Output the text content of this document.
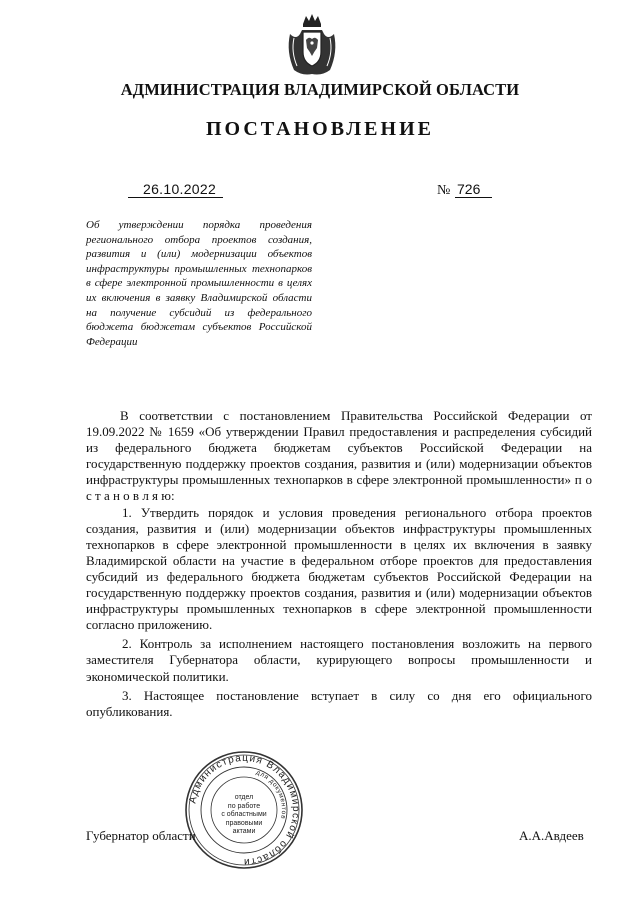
АДМИНИСТРАЦИЯ ВЛАДИМИРСКОЙ ОБЛАСТИ
ПОСТАНОВЛЕНИЕ
26.10.2022	№ 726
Об утверждении порядка проведения регионального отбора проектов создания, развития и (или) модернизации объектов инфраструктуры промышленных технопарков в сфере электронной промышленности в целях их включения в заявку Владимирской области на получение субсидий из федерального бюджета бюджетам субъектов Российской Федерации

В соответствии с постановлением Правительства Российской Федерации от 19.09.2022 № 1659 «Об утверждении Правил предоставления и распределения субсидий из федерального бюджета бюджетам субъектов Российской Федерации на государственную поддержку проектов создания, развития и (или) модернизации объектов инфраструктуры промышленных технопарков в сфере электронной промышленности» п о с т а н о в л я ю:

1. Утвердить порядок и условия проведения регионального отбора проектов создания, развития и (или) модернизации объектов инфраструктуры промышленных технопарков в сфере электронной промышленности в целях их включения в заявку Владимирской области на участие в федеральном отборе проектов для предоставления субсидий из федерального бюджета бюджетам субъектов Российской Федерации на государственную поддержку проектов создания, развития и (или) модернизации объектов инфраструктуры промышленных технопарков в сфере электронной промышленности согласно приложению.

2. Контроль за исполнением настоящего постановления возложить на первого заместителя Губернатора области, курирующего вопросы промышленности и экономической политики.

3. Настоящее постановление вступает в силу со дня его официального опубликования.

Администрация Владимирской области
для документов
отдел
по работе
с областными
правовыми
актами
Губернатор области	А.А.Авдеев
